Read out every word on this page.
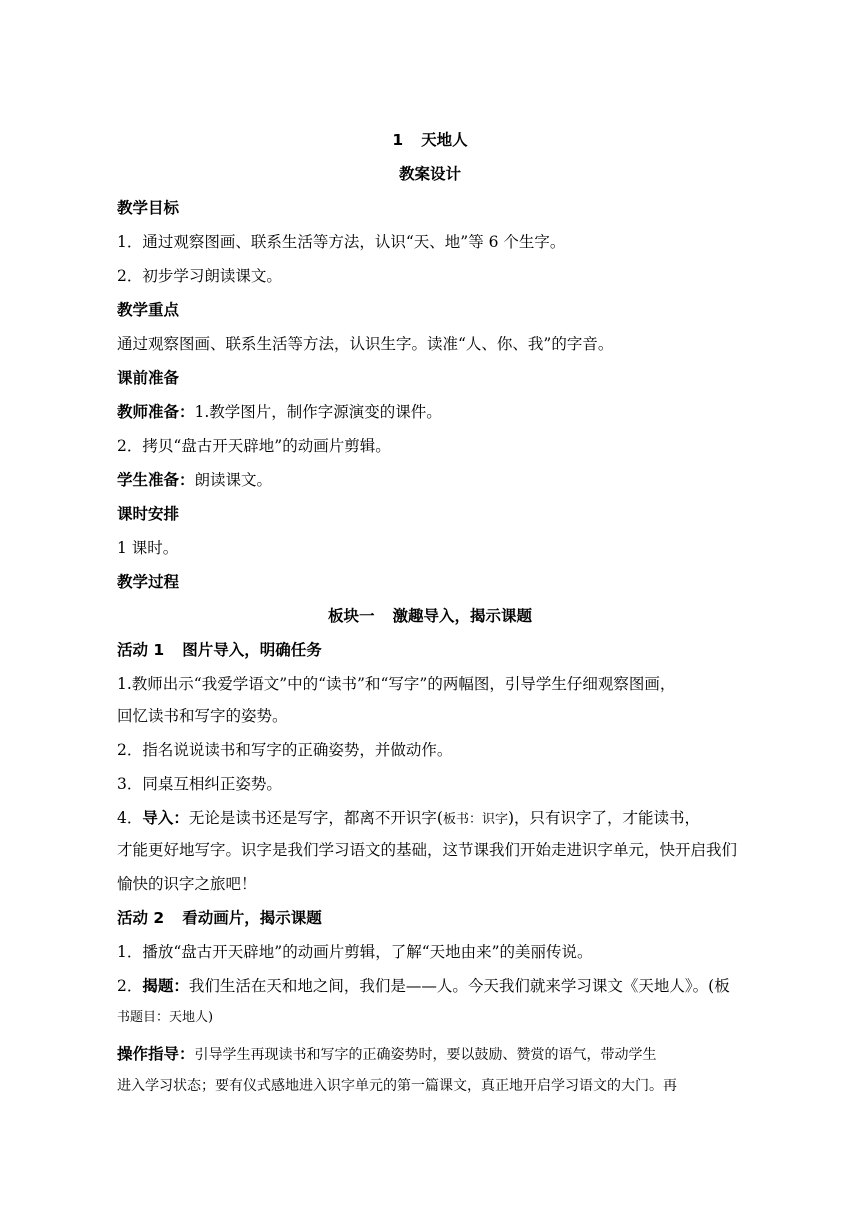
1 天地人

教案设计

教学目标

1．通过观察图画、联系生活等方法，认识“天、地”等 6 个生字。

2．初步学习朗读课文。

教学重点

通过观察图画、联系生活等方法，认识生字。读准“人、你、我”的字音。

课前准备

教师准备：1.教学图片，制作字源演变的课件。

2．拷贝“盘古开天辟地”的动画片剪辑。

学生准备：朗读课文。

课时安排

1 课时。

教学过程

板块一 激趣导入，揭示课题

活动 1 图片导入，明确任务

1.教师出示“我爱学语文”中的“读书”和“写字”的两幅图，引导学生仔细观察图画，

回忆读书和写字的姿势。

2．指名说说读书和写字的正确姿势，并做动作。

3．同桌互相纠正姿势。

4．导入：无论是读书还是写字，都离不开识字(板书：识字)，只有识字了，才能读书，

才能更好地写字。识字是我们学习语文的基础，这节课我们开始走进识字单元，快开启我们

愉快的识字之旅吧！

活动 2 看动画片，揭示课题

1．播放“盘古开天辟地”的动画片剪辑，了解“天地由来”的美丽传说。

2．揭题：我们生活在天和地之间，我们是——人。今天我们就来学习课文《天地人》。(板

书题目：天地人)

操作指导：引导学生再现读书和写字的正确姿势时，要以鼓励、赞赏的语气，带动学生

进入学习状态；要有仪式感地进入识字单元的第一篇课文，真正地开启学习语文的大门。再
